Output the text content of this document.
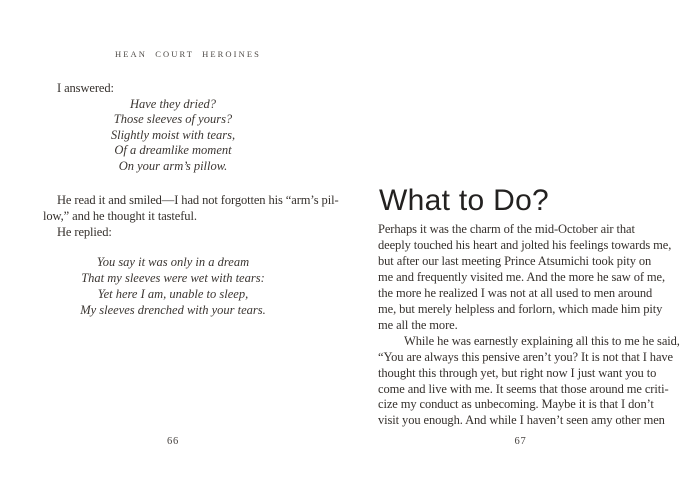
HEAN COURT HEROINES
I answered:
Have they dried?
Those sleeves of yours?
Slightly moist with tears,
Of a dreamlike moment
On your arm’s pillow.
He read it and smiled—I had not forgotten his “arm’s pil-
low,” and he thought it tasteful.
He replied:
You say it was only in a dream
That my sleeves were wet with tears:
Yet here I am, unable to sleep,
My sleeves drenched with your tears.
66
What to Do?
Perhaps it was the charm of the mid-October air that
deeply touched his heart and jolted his feelings towards me,
but after our last meeting Prince Atsumichi took pity on
me and frequently visited me. And the more he saw of me,
the more he realized I was not at all used to men around
me, but merely helpless and forlorn, which made him pity
me all the more.
While he was earnestly explaining all this to me he said,
“You are always this pensive aren’t you? It is not that I have
thought this through yet, but right now I just want you to
come and live with me. It seems that those around me criti-
cize my conduct as unbecoming. Maybe it is that I don’t
visit you enough. And while I haven’t seen amy other men
67
